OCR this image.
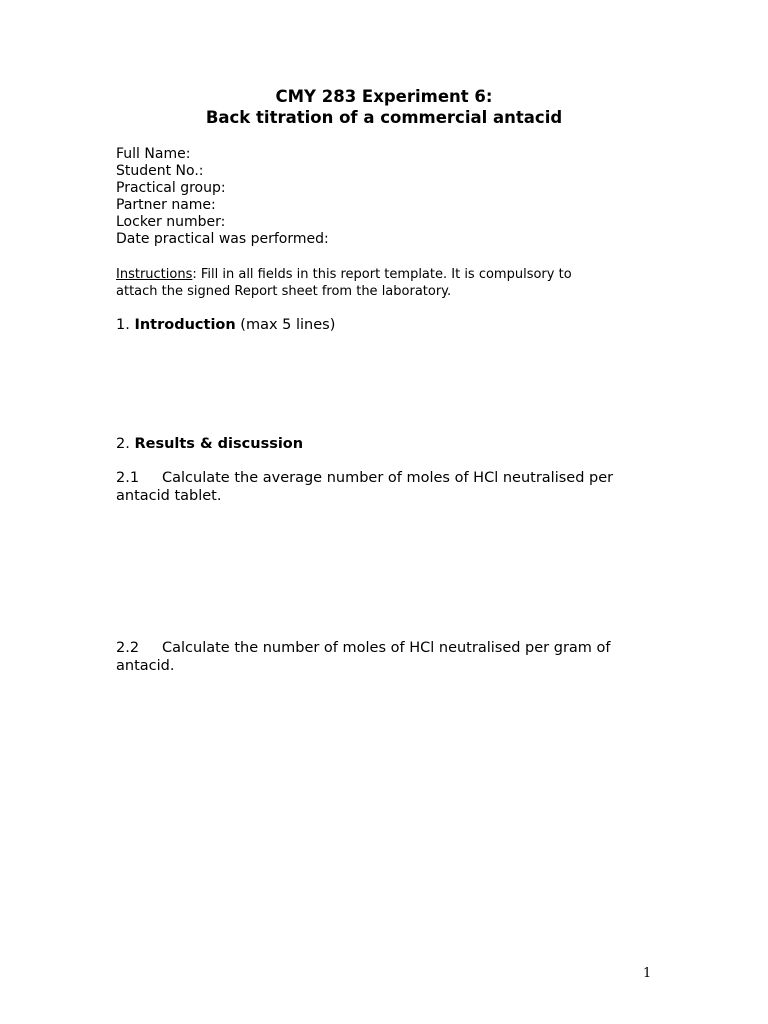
CMY 283 Experiment 6:
Back titration of a commercial antacid
Full Name:
Student No.:
Practical group:
Partner name:
Locker number:
Date practical was performed:
Instructions: Fill in all fields in this report template. It is compulsory to
attach the signed Report sheet from the laboratory.
1. Introduction (max 5 lines)
2. Results & discussion
2.1 Calculate the average number of moles of HCl neutralised per
antacid tablet.
2.2 Calculate the number of moles of HCl neutralised per gram of
antacid.
1
